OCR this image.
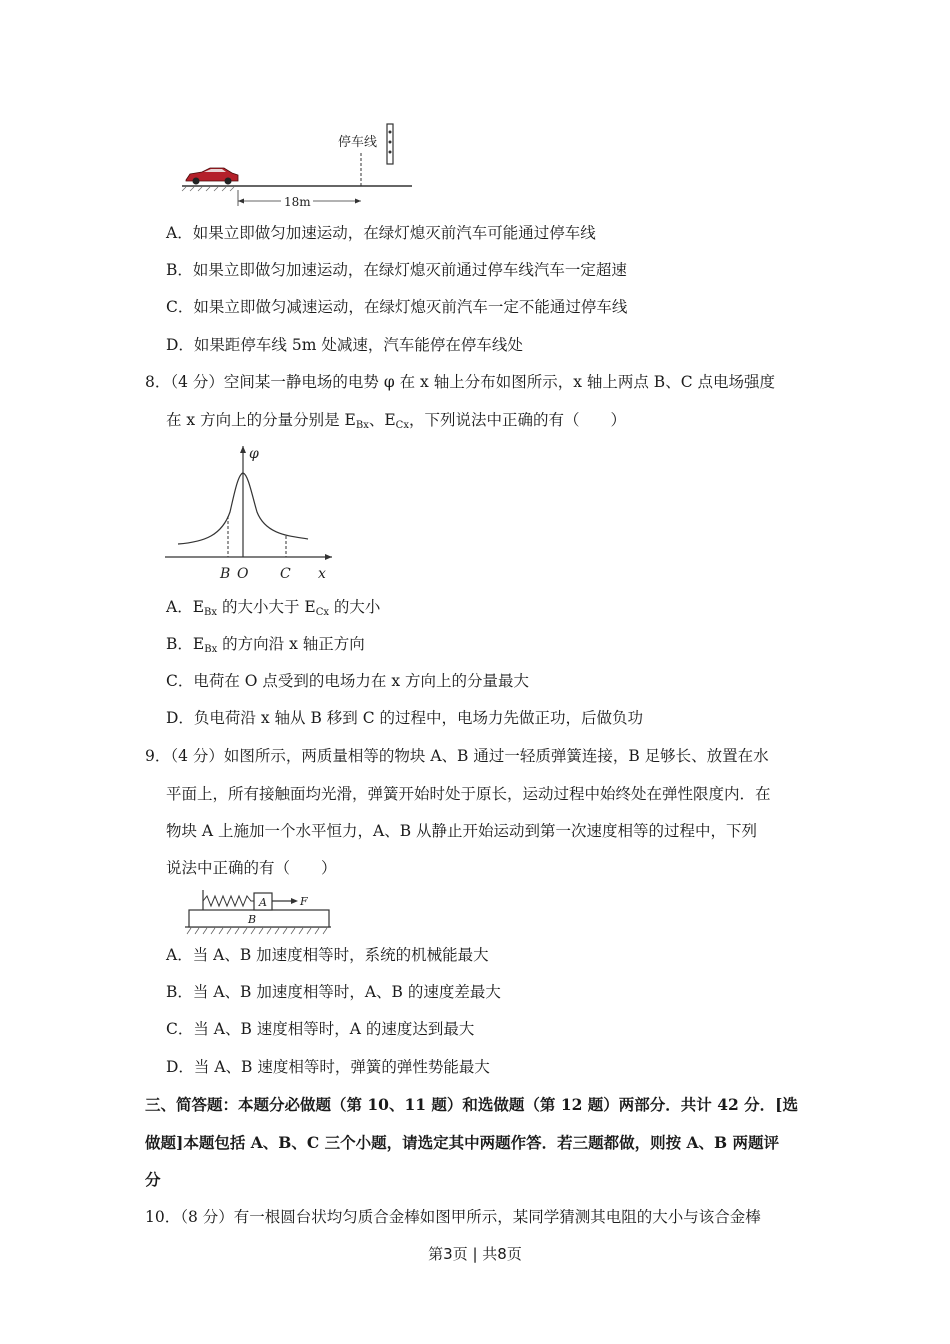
停车线
18m
A．如果立即做匀加速运动，在绿灯熄灭前汽车可能通过停车线
B．如果立即做匀加速运动，在绿灯熄灭前通过停车线汽车一定超速
C．如果立即做匀减速运动，在绿灯熄灭前汽车一定不能通过停车线
D．如果距停车线 5m 处减速，汽车能停在停车线处
8．（4 分）空间某一静电场的电势 φ 在 x 轴上分布如图所示，x 轴上两点 B、C 点电场强度
在 x 方向上的分量分别是 $E_{Bx}$、$E_{Cx}$，下列说法中正确的有（　　）
φ
x
B O C
A．$E_{Bx}$ 的大小大于 $E_{Cx}$ 的大小
B．$E_{Bx}$ 的方向沿 x 轴正方向
C．电荷在 O 点受到的电场力在 x 方向上的分量最大
D．负电荷沿 x 轴从 B 移到 C 的过程中，电场力先做正功，后做负功
9．（4 分）如图所示，两质量相等的物块 A、B 通过一轻质弹簧连接，B 足够长、放置在水
平面上，所有接触面均光滑，弹簧开始时处于原长，运动过程中始终处在弹性限度内．在
物块 A 上施加一个水平恒力，A、B 从静止开始运动到第一次速度相等的过程中，下列
说法中正确的有（　　）
A
B
F
A．当 A、B 加速度相等时，系统的机械能最大
B．当 A、B 加速度相等时，A、B 的速度差最大
C．当 A、B 速度相等时，A 的速度达到最大
D．当 A、B 速度相等时，弹簧的弹性势能最大
三、简答题：本题分必做题（第 10、11 题）和选做题（第 12 题）两部分．共计 42 分．[选
做题]本题包括 A、B、C 三个小题，请选定其中两题作答．若三题都做，则按 A、B 两题评
分
10．（8 分）有一根圆台状均匀质合金棒如图甲所示，某同学猜测其电阻的大小与该合金棒
第3页 | 共8页
